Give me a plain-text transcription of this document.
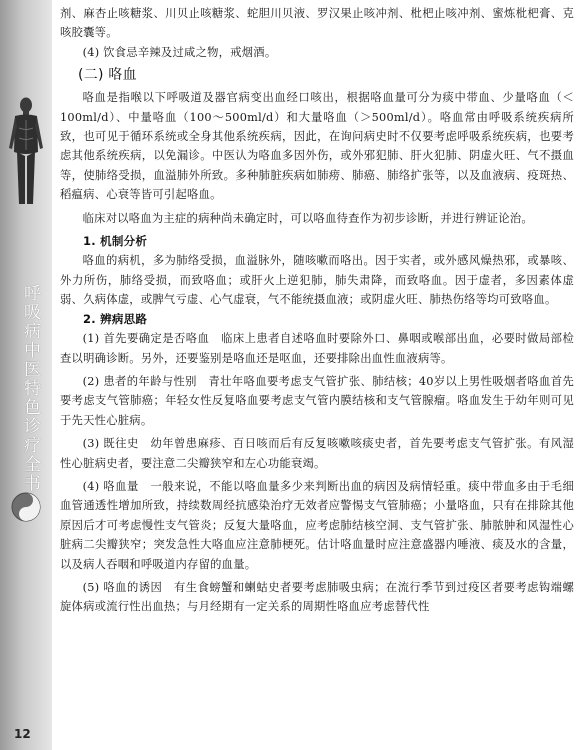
呼吸病中医特色诊疗全书
12

剂、麻杏止咳糖浆、川贝止咳糖浆、蛇胆川贝液、罗汉果止咳冲剂、枇杷止咳冲剂、蜜炼枇杷膏、克咳胶囊等。

(4) 饮食忌辛辣及过咸之物，戒烟酒。

(二) 咯血

咯血是指喉以下呼吸道及器官病变出血经口咳出，根据咯血量可分为痰中带血、少量咯血（＜100ml/d）、中量咯血（100～500ml/d）和大量咯血（＞500ml/d）。咯血常由呼吸系统疾病所致，也可见于循环系统或全身其他系统疾病，因此，在询问病史时不仅要考虑呼吸系统疾病，也要考虑其他系统疾病，以免漏诊。中医认为咯血多因外伤，或外邪犯肺、肝火犯肺、阴虚火旺、气不摄血等，使肺络受损，血溢肺外所致。多种肺脏疾病如肺痨、肺癌、肺络扩张等，以及血液病、疫斑热、稻瘟病、心衰等皆可引起咯血。

临床对以咯血为主症的病种尚未确定时，可以咯血待查作为初步诊断，并进行辨证论治。

1. 机制分析

咯血的病机，多为肺络受损，血溢脉外，随咳嗽而咯出。因于实者，或外感风燥热邪，或暴咳、外力所伤，肺络受损，而致咯血；或肝火上逆犯肺，肺失肃降，而致咯血。因于虚者，多因素体虚弱、久病体虚，或脾气亏虚、心气虚衰，气不能统摄血液；或阴虚火旺、肺热伤络等均可致咯血。

2. 辨病思路

(1) 首先要确定是否咯血　临床上患者自述咯血时要除外口、鼻咽或喉部出血，必要时做局部检查以明确诊断。另外，还要鉴别是咯血还是呕血，还要排除出血性血液病等。

(2) 患者的年龄与性别　青壮年咯血要考虑支气管扩张、肺结核；40岁以上男性吸烟者咯血首先要考虑支气管肺癌；年轻女性反复咯血要考虑支气管内膜结核和支气管腺瘤。咯血发生于幼年则可见于先天性心脏病。

(3) 既往史　幼年曾患麻疹、百日咳而后有反复咳嗽咳痰史者，首先要考虑支气管扩张。有风湿性心脏病史者，要注意二尖瓣狭窄和左心功能衰竭。

(4) 咯血量　一般来说，不能以咯血量多少来判断出血的病因及病情轻重。痰中带血多由于毛细血管通透性增加所致，持续数周经抗感染治疗无效者应警惕支气管肺癌；小量咯血，只有在排除其他原因后才可考虑慢性支气管炎；反复大量咯血，应考虑肺结核空洞、支气管扩张、肺脓肿和风湿性心脏病二尖瓣狭窄；突发急性大咯血应注意肺梗死。估计咯血量时应注意盛器内唾液、痰及水的含量，以及病人吞咽和呼吸道内存留的血量。

(5) 咯血的诱因　有生食螃蟹和蝲蛄史者要考虑肺吸虫病；在流行季节到过疫区者要考虑钩端螺旋体病或流行性出血热；与月经期有一定关系的周期性咯血应考虑替代性
